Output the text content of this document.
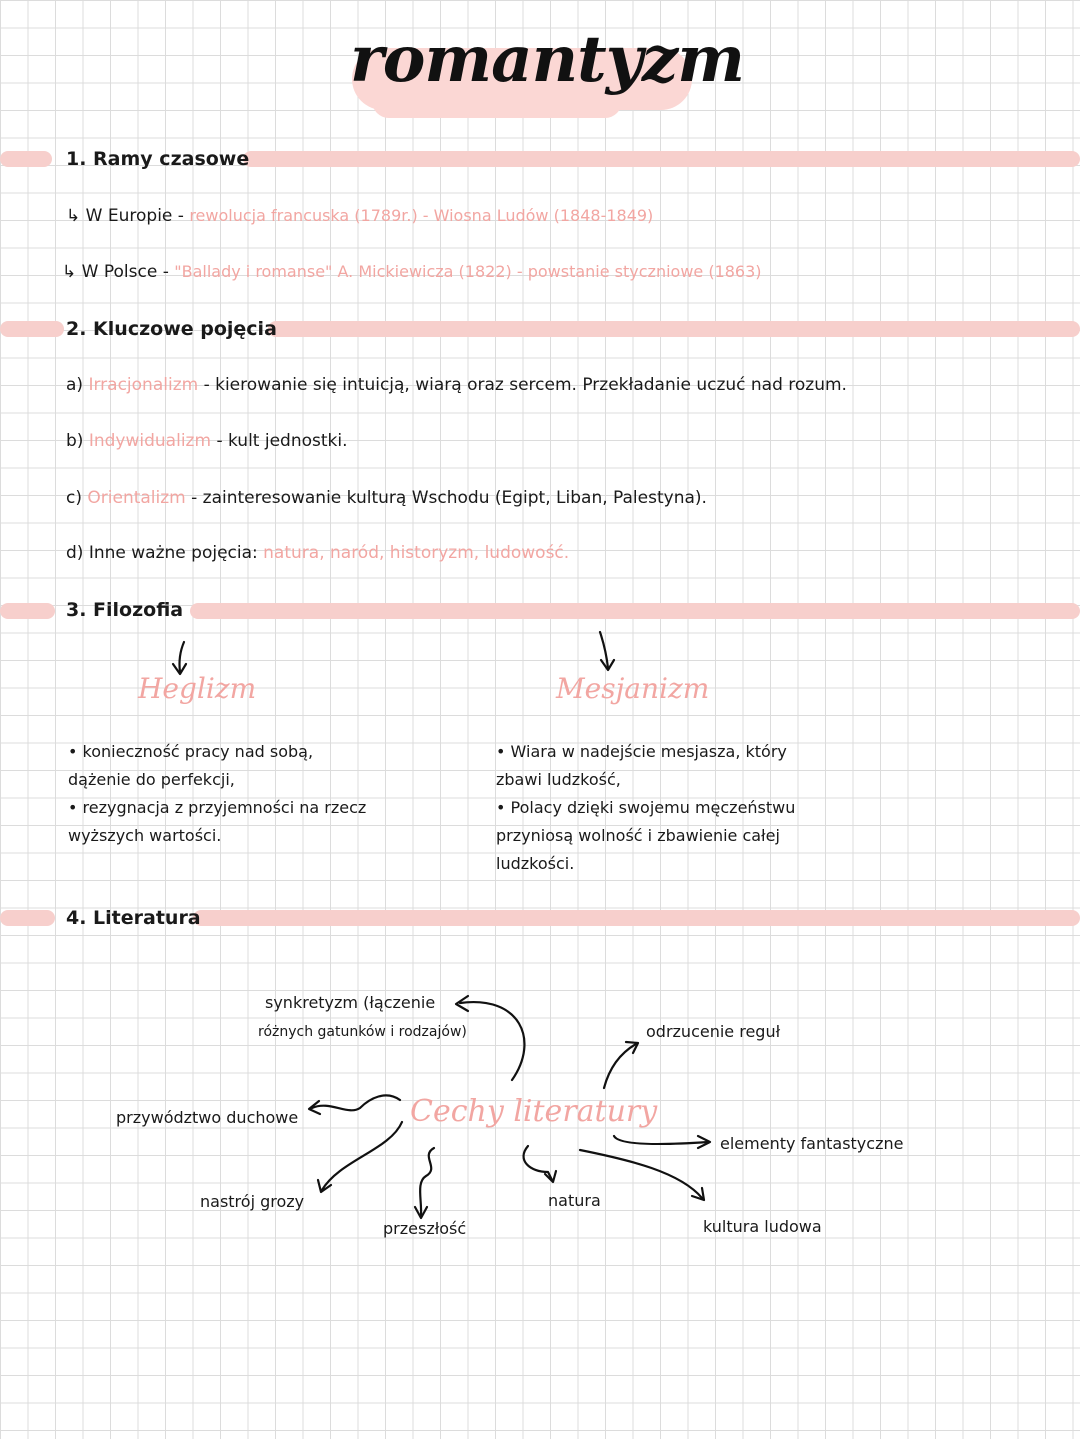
romantyzm
1. Ramy czasowe
↳ W Europie - rewolucja francuska (1789r.) - Wiosna Ludów (1848-1849)
↳ W Polsce - "Ballady i romanse" A. Mickiewicza (1822) - powstanie styczniowe (1863)
2. Kluczowe pojęcia
a) Irracjonalizm - kierowanie się intuicją, wiarą oraz sercem. Przekładanie uczuć nad rozum.
b) Indywidualizm - kult jednostki.
c) Orientalizm - zainteresowanie kulturą Wschodu (Egipt, Liban, Palestyna).
d) Inne ważne pojęcia: natura, naród, historyzm, ludowość.
3. Filozofia
Heglizm	Mesjanizm
• konieczność pracy nad sobą,
dążenie do perfekcji,
• rezygnacja z przyjemności na rzecz
wyższych wartości.
• Wiara w nadejście mesjasza, który
zbawi ludzkość,
• Polacy dzięki swojemu męczeństwu
przyniosą wolność i zbawienie całej
ludzkości.
4. Literatura
Cechy literatury
synkretyzm (łączenie
różnych gatunków i rodzajów)	odrzucenie reguł
przywództwo duchowe
elementy fantastyczne
nastrój grozy	natura
przeszłość	kultura ludowa
